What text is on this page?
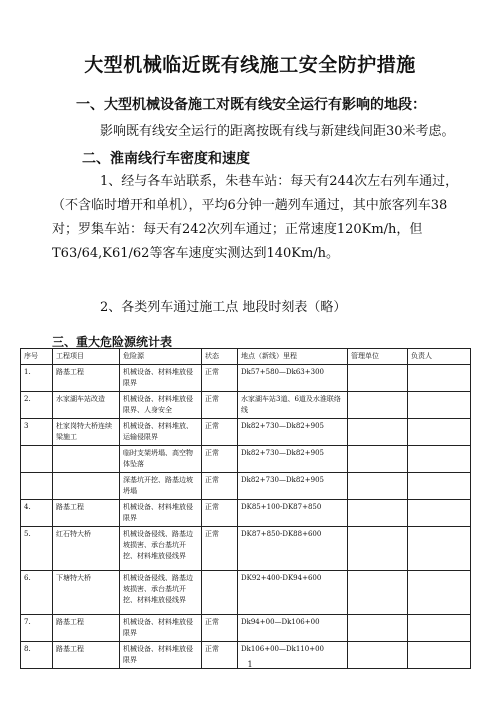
大型机械临近既有线施工安全防护措施
一、大型机械设备施工对既有线安全运行有影响的地段：
影响既有线安全运行的距离按既有线与新建线间距30米考虑。
二、淮南线行车密度和速度
1、经与各车站联系，朱巷车站：每天有244次左右列车通过，（不含临时增开和单机），平均6分钟一趟列车通过，其中旅客列车38对；罗集车站：每天有242次列车通过；正常速度120Km/h，但T63/64,K61/62等客车速度实测达到140Km/h。
2、各类列车通过施工点 地段时刻表（略）
三、重大危险源统计表
序号	工程项目	危险源	状态	地点（新线）里程	管理单位	负责人
1.	路基工程	机械设备、材料堆放侵限界	正常	Dk57+580—Dk63+300		
2.	水家湖车站改造	机械设备、材料堆放侵限界、人身安全	正常	水家湖车站3道、6道及水淮联络线		
3	杜家岗特大桥连续梁施工	机械设备、材料堆放、运输侵限界	正常	Dk82+730—Dk82+905		
		临时支架坍塌、高空物体坠落	正常	Dk82+730—Dk82+905		
		深基坑开挖、路基边坡坍塌	正常	Dk82+730—Dk82+905		
4.	路基工程	机械设备、材料堆放侵限界	正常	DK85+100-DK87+850		
5.	红石特大桥	机械设备侵线、路基边坡损害、承台基坑开挖、材料堆放侵线界	正常	DK87+850-DK88+600		
6.	下塘特大桥	机械设备侵线、路基边坡损害、承台基坑开挖、材料堆放侵线界		DK92+400-DK94+600		
7.	路基工程	机械设备、材料堆放侵限界	正常	Dk94+00—Dk106+00		
8.	路基工程	机械设备、材料堆放侵限界	正常	Dk106+00—Dk110+00		
1
